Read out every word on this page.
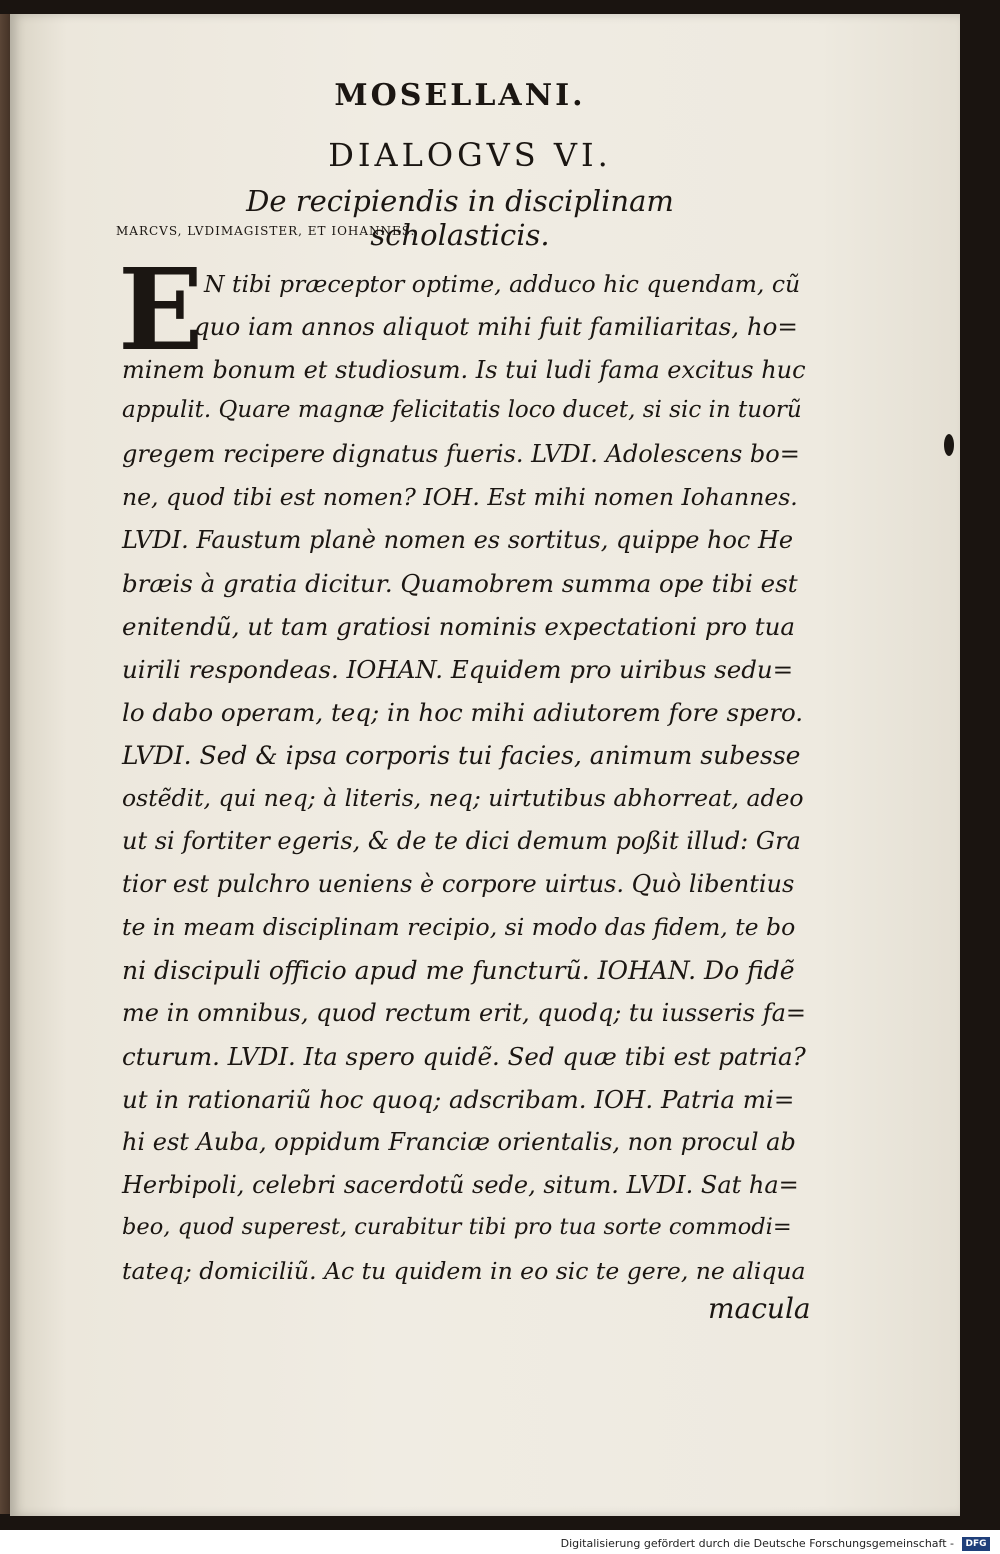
MOSELLANI.
DIALOGVS VI.
De recipiendis in disciplinam scholasticis.
MARCVS, LVDIMAGISTER, ET IOHANNES.
E N tibi præceptor optime, adduco hic quendam, cũ
quo iam annos aliquot mihi fuit familiaritas, ho=
minem bonum et studiosum. Is tui ludi fama excitus huc
appulit. Quare magnæ felicitatis loco ducet, si sic in tuorũ
gregem recipere dignatus fueris. LVDI. Adolescens bo=
ne, quod tibi est nomen? IOH. Est mihi nomen Iohannes.
LVDI. Faustum planè nomen es sortitus, quippe hoc He
bræis à gratia dicitur. Quamobrem summa ope tibi est
enitendũ, ut tam gratiosi nominis expectationi pro tua
uirili respondeas. IOHAN. Equidem pro uiribus sedu=
lo dabo operam, teq; in hoc mihi adiutorem fore spero.
LVDI. Sed & ipsa corporis tui facies, animum subesse
ostẽdit, qui neq; à literis, neq; uirtutibus abhorreat, adeo
ut si fortiter egeris, & de te dici demum poßit illud: Gra
tior est pulchro ueniens è corpore uirtus. Quò libentius
te in meam disciplinam recipio, si modo das fidem, te bo
ni discipuli officio apud me functurũ. IOHAN. Do fidẽ
me in omnibus, quod rectum erit, quodq; tu iusseris fa=
cturum. LVDI. Ita spero quidẽ. Sed quæ tibi est patria?
ut in rationariũ hoc quoq; adscribam. IOH. Patria mi=
hi est Auba, oppidum Franciæ orientalis, non procul ab
Herbipoli, celebri sacerdotũ sede, situm. LVDI. Sat ha=
beo, quod superest, curabitur tibi pro tua sorte commodi=
tateq; domiciliũ. Ac tu quidem in eo sic te gere, ne aliqua
macula
Digitalisierung gefördert durch die Deutsche Forschungsgemeinschaft -	DFG
